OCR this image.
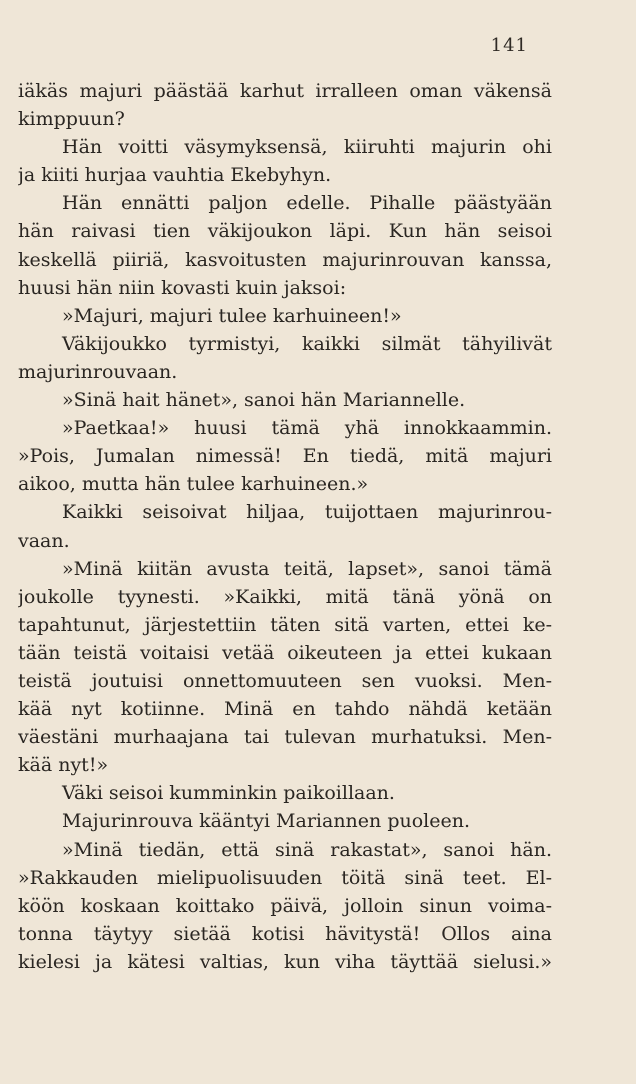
141
iäkäs majuri päästää karhut irralleen oman väkensä
kimppuun?
Hän voitti väsymyksensä, kiiruhti majurin ohi
ja kiiti hurjaa vauhtia Ekebyhyn.
Hän ennätti paljon edelle. Pihalle päästyään
hän raivasi tien väkijoukon läpi. Kun hän seisoi
keskellä piiriä, kasvoitusten majurinrouvan kanssa,
huusi hän niin kovasti kuin jaksoi:
»Majuri, majuri tulee karhuineen!»
Väkijoukko tyrmistyi, kaikki silmät tähyilivät
majurinrouvaan.
»Sinä hait hänet», sanoi hän Mariannelle.
»Paetkaa!» huusi tämä yhä innokkaammin.
»Pois, Jumalan nimessä! En tiedä, mitä majuri
aikoo, mutta hän tulee karhuineen.»
Kaikki seisoivat hiljaa, tuijottaen majurinrou-
vaan.
»Minä kiitän avusta teitä, lapset», sanoi tämä
joukolle tyynesti. »Kaikki, mitä tänä yönä on
tapahtunut, järjestettiin täten sitä varten, ettei ke-
tään teistä voitaisi vetää oikeuteen ja ettei kukaan
teistä joutuisi onnettomuuteen sen vuoksi. Men-
kää nyt kotiinne. Minä en tahdo nähdä ketään
väestäni murhaajana tai tulevan murhatuksi. Men-
kää nyt!»
Väki seisoi kumminkin paikoillaan.
Majurinrouva kääntyi Mariannen puoleen.
»Minä tiedän, että sinä rakastat», sanoi hän.
»Rakkauden mielipuolisuuden töitä sinä teet. El-
köön koskaan koittako päivä, jolloin sinun voima-
tonna täytyy sietää kotisi hävitystä! Ollos aina
kielesi ja kätesi valtias, kun viha täyttää sielusi.»
